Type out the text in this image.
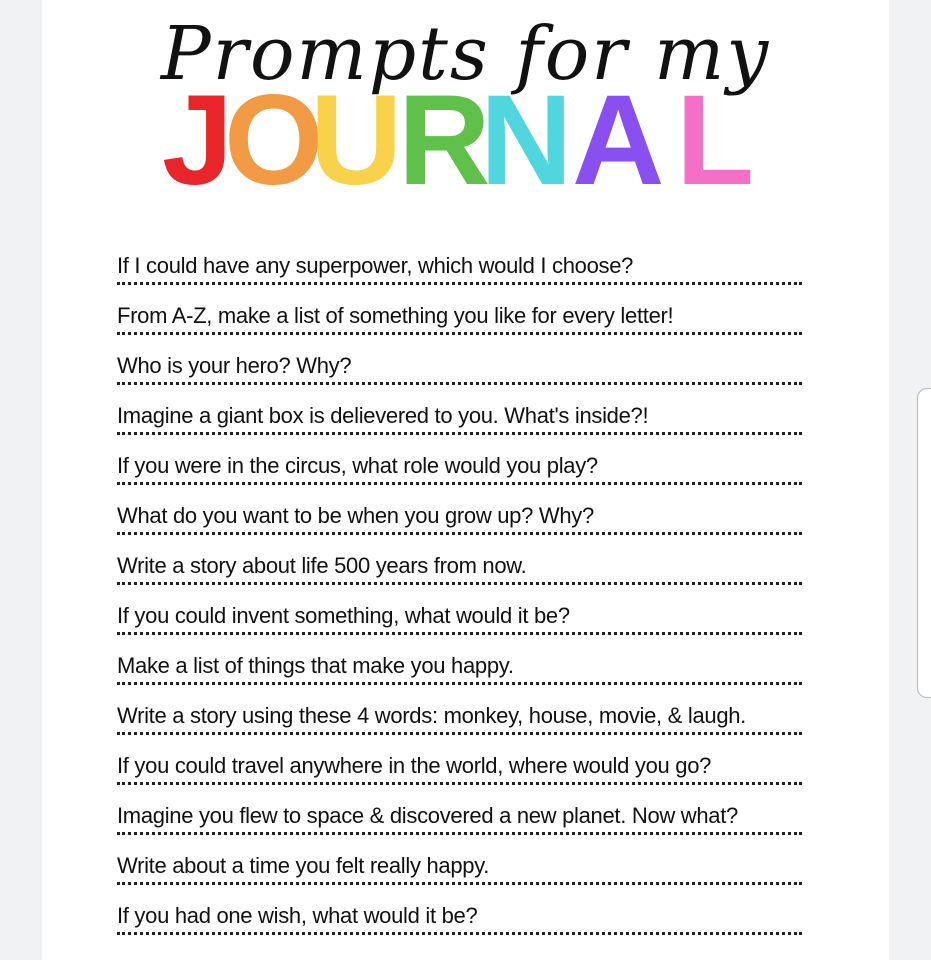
J
O
U
R
N A L
Prompts for my
If I could have any superpower, which would I choose?
From A-Z, make a list of something you like for every letter!
Who is your hero? Why?
Imagine a giant box is delievered to you. What's inside?!
If you were in the circus, what role would you play?
What do you want to be when you grow up? Why?
Write a story about life 500 years from now.
If you could invent something, what would it be?
Make a list of things that make you happy.
Write a story using these 4 words: monkey, house, movie, & laugh.
If you could travel anywhere in the world, where would you go?
Imagine you flew to space & discovered a new planet. Now what?
Write about a time you felt really happy.
If you had one wish, what would it be?
